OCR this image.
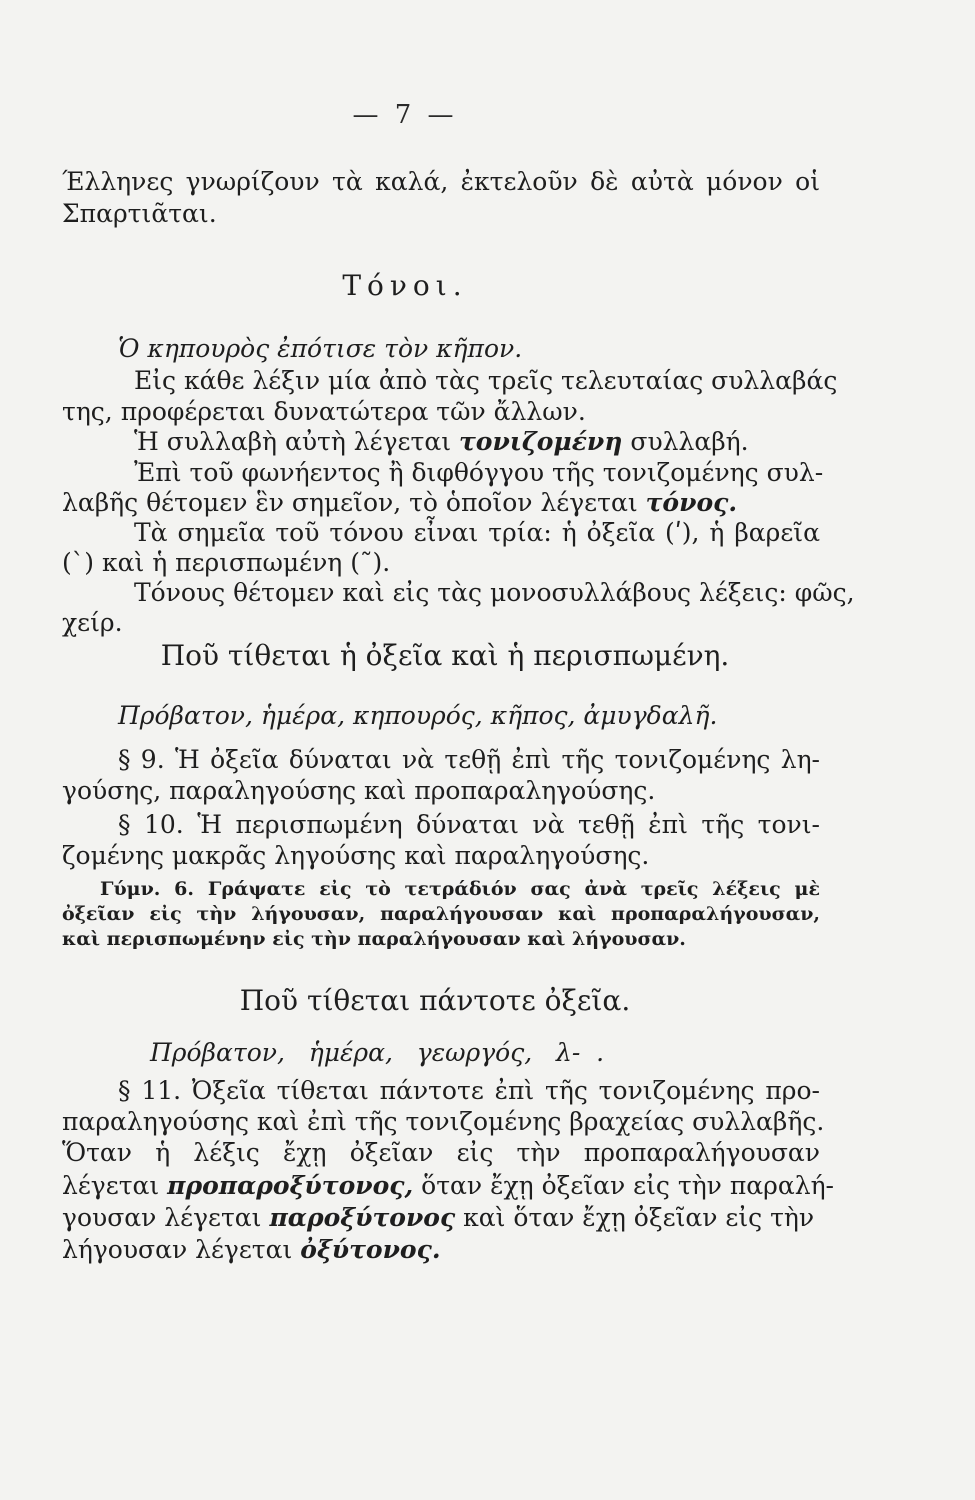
— 7 —
Έλληνες γνωρίζουν τὰ καλά, ἐκτελοῦν δὲ αὐτὰ μόνον οἱ
Σπαρτιᾶται.
Τόνοι.
Ὁ κηπουρὸς ἐπότισε τὸν κῆπον.
Εἰς κάθε λέξιν μία ἀπὸ τὰς τρεῖς τελευταίας συλλαβάς
της, προφέρεται δυνατώτερα τῶν ἄλλων.
Ἡ συλλαβὴ αὐτὴ λέγεται τονιζομένη συλλαβή.
Ἐπὶ τοῦ φωνήεντος ἢ διφθόγγου τῆς τονιζομένης συλ-
λαβῆς θέτομεν ἓν σημεῖον, τὸ ὁποῖον λέγεται τόνος.
Τὰ σημεῖα τοῦ τόνου εἶναι τρία: ἡ ὀξεῖα (ʹ), ἡ βαρεῖα
(ˋ) καὶ ἡ περισπωμένη (῀).
Τόνους θέτομεν καὶ εἰς τὰς μονοσυλλάβους λέξεις: φῶς,
χείρ.
Ποῦ τίθεται ἡ ὀξεῖα καὶ ἡ περισπωμένη.
Πρόβατον, ἡμέρα, κηπουρός, κῆπος, ἀμυγδαλῆ.
§ 9. Ἡ ὀξεῖα δύναται νὰ τεθῇ ἐπὶ τῆς τονιζομένης λη-
γούσης, παραληγούσης καὶ προπαραληγούσης.
§ 10. Ἡ περισπωμένη δύναται νὰ τεθῇ ἐπὶ τῆς τονι-
ζομένης μακρᾶς ληγούσης καὶ παραληγούσης.
Γύμν. 6. Γράψατε εἰς τὸ τετράδιόν σας ἀνὰ τρεῖς λέξεις μὲ
ὀξεῖαν εἰς τὴν λήγουσαν, παραλήγουσαν καὶ προπαραλήγουσαν,
καὶ περισπωμένην εἰς τὴν παραλήγουσαν καὶ λήγουσαν.
Ποῦ τίθεται πάντοτε ὀξεῖα.
Πρόβατον,   ἡμέρα,   γεωργός,   λ-  .
§ 11. Ὀξεῖα τίθεται πάντοτε ἐπὶ τῆς τονιζομένης προ-
παραληγούσης καὶ ἐπὶ τῆς τονιζομένης βραχείας συλλαβῆς.
Ὅταν ἡ λέξις ἔχῃ ὀξεῖαν εἰς τὴν προπαραλήγουσαν
λέγεται προπαροξύτονος, ὅταν ἔχῃ ὀξεῖαν εἰς τὴν παραλή-
γουσαν λέγεται παροξύτονος καὶ ὅταν ἔχῃ ὀξεῖαν εἰς τὴν
λήγουσαν λέγεται ὀξύτονος.
